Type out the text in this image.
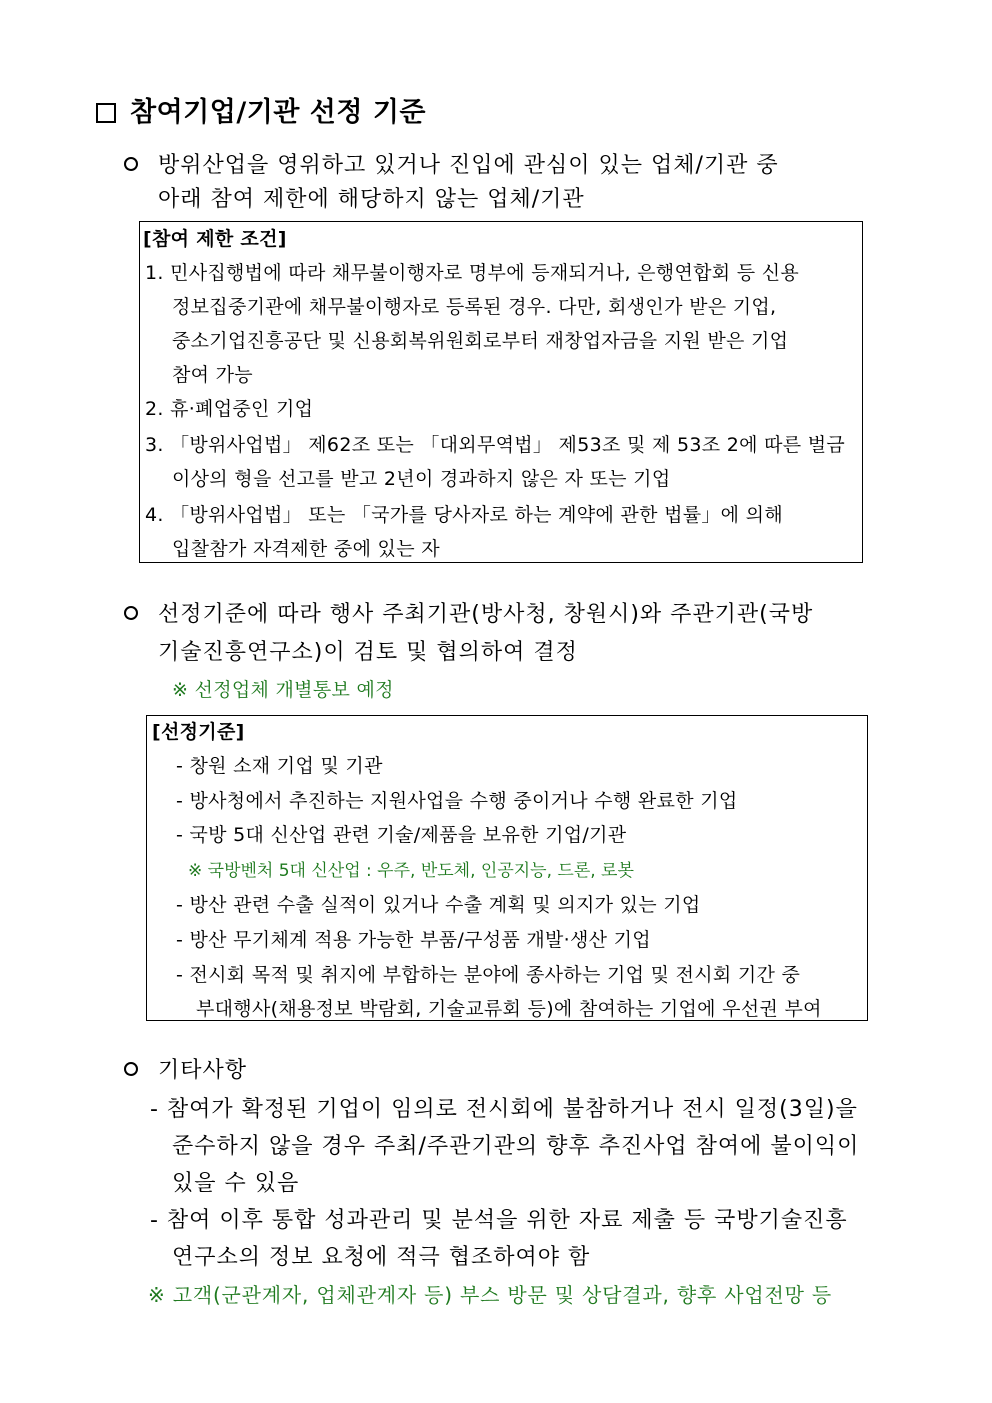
참여기업/기관 선정 기준
방위산업을 영위하고 있거나 진입에 관심이 있는 업체/기관 중
아래 참여 제한에 해당하지 않는 업체/기관
[참여 제한 조건]
1. 민사집행법에 따라 채무불이행자로 명부에 등재되거나, 은행연합회 등 신용
정보집중기관에 채무불이행자로 등록된 경우. 다만, 회생인가 받은 기업,
중소기업진흥공단 및 신용회복위원회로부터 재창업자금을 지원 받은 기업
참여 가능
2. 휴·폐업중인 기업
3. 「방위사업법」 제62조 또는 「대외무역법」 제53조 및 제 53조 2에 따른 벌금
이상의 형을 선고를 받고 2년이 경과하지 않은 자 또는 기업
4. 「방위사업법」 또는 「국가를 당사자로 하는 계약에 관한 법률」에 의해
입찰참가 자격제한 중에 있는 자
선정기준에 따라 행사 주최기관(방사청, 창원시)와 주관기관(국방
기술진흥연구소)이 검토 및 협의하여 결정
※ 선정업체 개별통보 예정
[선정기준]
- 창원 소재 기업 및 기관
- 방사청에서 추진하는 지원사업을 수행 중이거나 수행 완료한 기업
- 국방 5대 신산업 관련 기술/제품을 보유한 기업/기관
※ 국방벤처 5대 신산업 : 우주, 반도체, 인공지능, 드론, 로봇
- 방산 관련 수출 실적이 있거나 수출 계획 및 의지가 있는 기업
- 방산 무기체계 적용 가능한 부품/구성품 개발·생산 기업
- 전시회 목적 및 취지에 부합하는 분야에 종사하는 기업 및 전시회 기간 중
부대행사(채용정보 박람회, 기술교류회 등)에 참여하는 기업에 우선권 부여
기타사항
- 참여가 확정된 기업이 임의로 전시회에 불참하거나 전시 일정(3일)을
준수하지 않을 경우 주최/주관기관의 향후 추진사업 참여에 불이익이
있을 수 있음
- 참여 이후 통합 성과관리 및 분석을 위한 자료 제출 등 국방기술진흥
연구소의 정보 요청에 적극 협조하여야 함
※ 고객(군관계자, 업체관계자 등) 부스 방문 및 상담결과, 향후 사업전망 등
